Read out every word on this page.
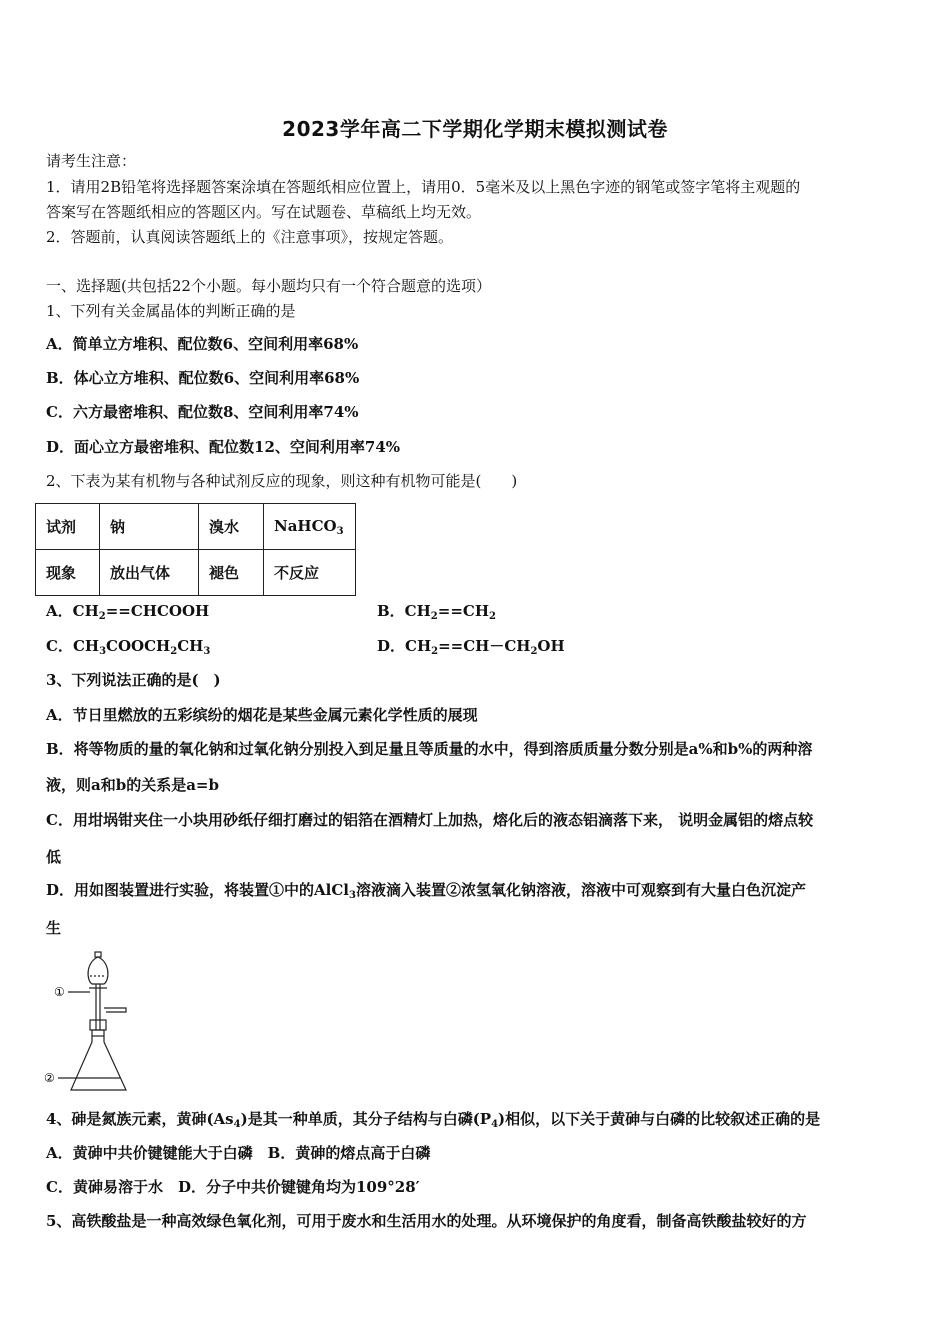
2023学年高二下学期化学期末模拟测试卷
请考生注意：
1．请用2B铅笔将选择题答案涂填在答题纸相应位置上，请用0．5毫米及以上黑色字迹的钢笔或签字笔将主观题的
答案写在答题纸相应的答题区内。写在试题卷、草稿纸上均无效。
2．答题前，认真阅读答题纸上的《注意事项》，按规定答题。
一、选择题(共包括22个小题。每小题均只有一个符合题意的选项）
1、下列有关金属晶体的判断正确的是
A．简单立方堆积、配位数6、空间利用率68%
B．体心立方堆积、配位数6、空间利用率68%
C．六方最密堆积、配位数8、空间利用率74%
D．面心立方最密堆积、配位数12、空间利用率74%
2、下表为某有机物与各种试剂反应的现象，则这种有机物可能是(　　)
试剂	钠	溴水	NaHCO$_3$
现象	放出气体	褪色	不反应
A．$CH_2==CHCOOH$	B．$CH_2==CH_2$
C．$CH_3COOCH_2CH_3$	D．$CH_2==CH-CH_2OH$
3、下列说法正确的是(　)
A．节日里燃放的五彩缤纷的烟花是某些金属元素化学性质的展现
B．将等物质的量的氧化钠和过氧化钠分别投入到足量且等质量的水中，得到溶质质量分数分别是a%和b%的两种溶
液，则a和b的关系是a=b
C．用坩埚钳夹住一小块用砂纸仔细打磨过的铝箔在酒精灯上加热，熔化后的液态铝滴落下来， 说明金属铝的熔点较
低
D．用如图装置进行实验，将装置①中的AlCl$_3$溶液滴入装置②浓氢氧化钠溶液，溶液中可观察到有大量白色沉淀产
生
①
②
4、砷是氮族元素，黄砷$(As_4)$是其一种单质，其分子结构与白磷$(P_4)$相似，以下关于黄砷与白磷的比较叙述正确的是
A．黄砷中共价键键能大于白磷　B．黄砷的熔点高于白磷
C．黄砷易溶于水　D．分子中共价键键角均为109°28′
5、高铁酸盐是一种高效绿色氧化剂，可用于废水和生活用水的处理。从环境保护的角度看，制备高铁酸盐较好的方
